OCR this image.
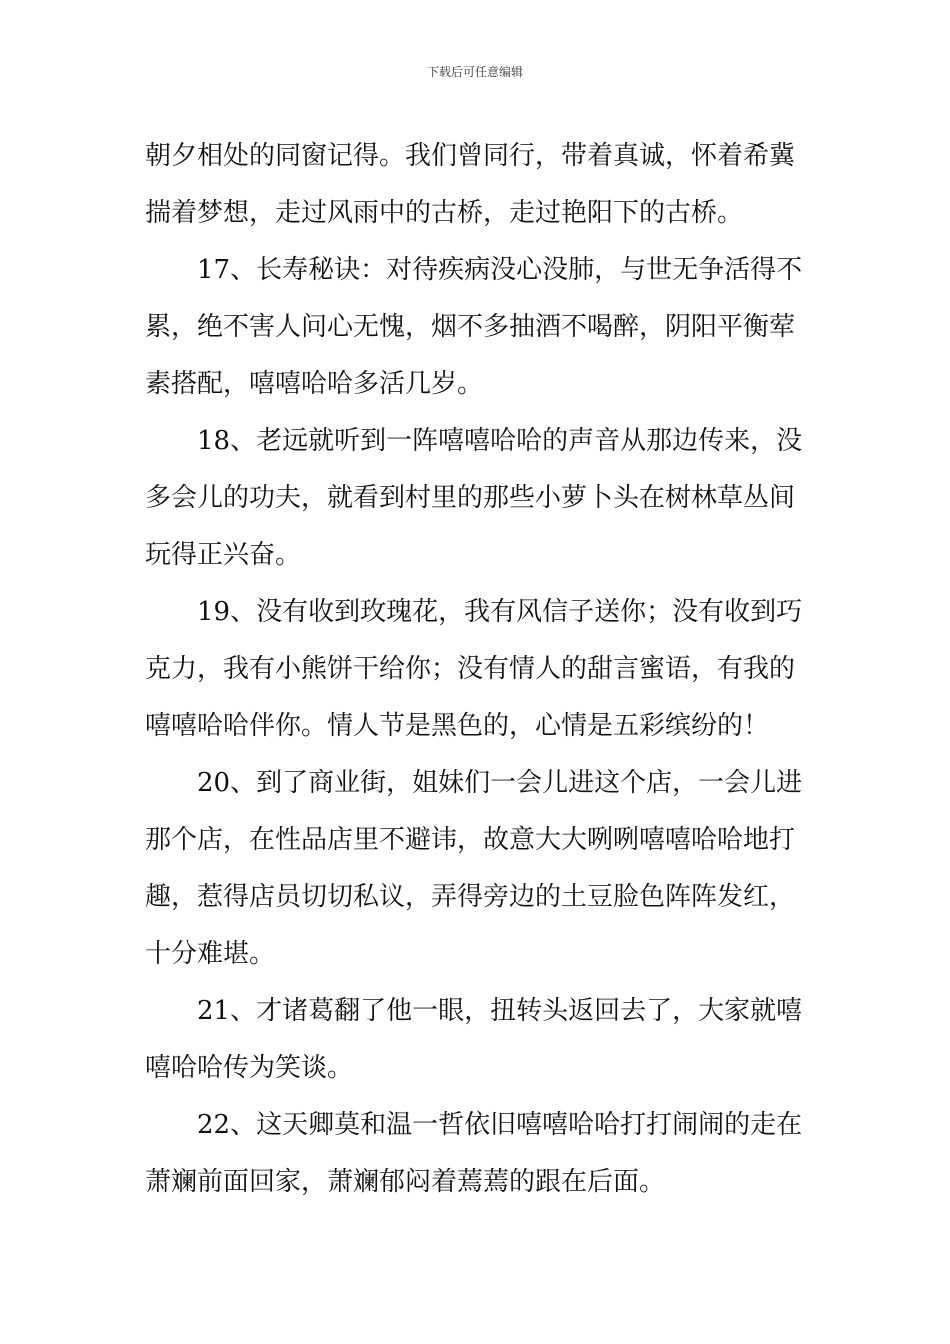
下载后可任意编辑
朝夕相处的同窗记得。我们曾同行，带着真诚，怀着希冀
揣着梦想，走过风雨中的古桥，走过艳阳下的古桥。
17、长寿秘诀：对待疾病没心没肺，与世无争活得不
累，绝不害人问心无愧，烟不多抽酒不喝醉，阴阳平衡荤
素搭配，嘻嘻哈哈多活几岁。
18、老远就听到一阵嘻嘻哈哈的声音从那边传来，没
多会儿的功夫，就看到村里的那些小萝卜头在树林草丛间
玩得正兴奋。
19、没有收到玫瑰花，我有风信子送你；没有收到巧
克力，我有小熊饼干给你；没有情人的甜言蜜语，有我的
嘻嘻哈哈伴你。情人节是黑色的，心情是五彩缤纷的！
20、到了商业街，姐妹们一会儿进这个店，一会儿进
那个店，在性品店里不避讳，故意大大咧咧嘻嘻哈哈地打
趣，惹得店员切切私议，弄得旁边的土豆脸色阵阵发红，
十分难堪。
21、才诸葛翻了他一眼，扭转头返回去了，大家就嘻
嘻哈哈传为笑谈。
22、这天卿莫和温一哲依旧嘻嘻哈哈打打闹闹的走在
萧斓前面回家，萧斓郁闷着蔫蔫的跟在后面。
